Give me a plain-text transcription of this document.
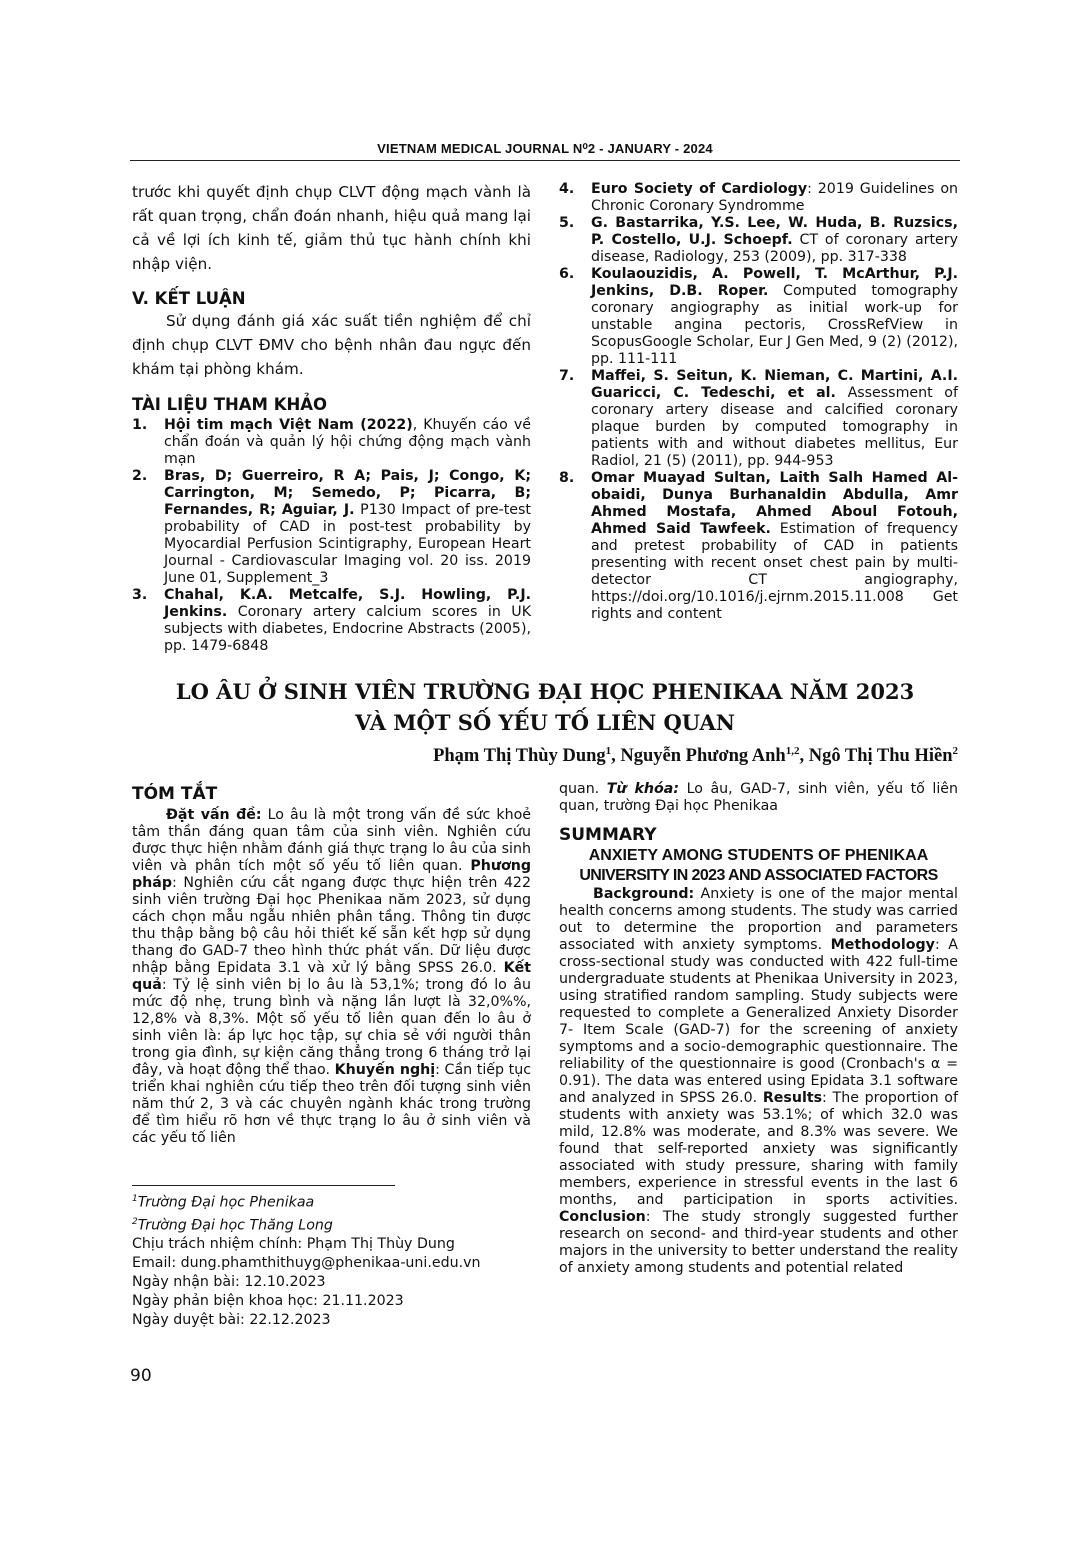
VIETNAM MEDICAL JOURNAL N⁰2 - JANUARY - 2024

trước khi quyết định chụp CLVT động mạch vành là rất quan trọng, chẩn đoán nhanh, hiệu quả mang lại cả về lợi ích kinh tế, giảm thủ tục hành chính khi nhập viện.

V. KẾT LUẬN

Sử dụng đánh giá xác suất tiền nghiệm để chỉ định chụp CLVT ĐMV cho bệnh nhân đau ngực đến khám tại phòng khám.

TÀI LIỆU THAM KHẢO

1.	Hội tim mạch Việt Nam (2022), Khuyến cáo về chẩn đoán và quản lý hội chứng động mạch vành mạn
2.	Bras, D; Guerreiro, R A; Pais, J; Congo, K; Carrington, M; Semedo, P; Picarra, B; Fernandes, R; Aguiar, J. P130 Impact of pre-test probability of CAD in post-test probability by Myocardial Perfusion Scintigraphy, European Heart Journal - Cardiovascular Imaging vol. 20 iss. 2019 June 01, Supplement_3
3.	Chahal, K.A. Metcalfe, S.J. Howling, P.J. Jenkins. Coronary artery calcium scores in UK subjects with diabetes, Endocrine Abstracts (2005), pp. 1479-6848
4.	Euro Society of Cardiology: 2019 Guidelines on Chronic Coronary Syndromme
5.	G. Bastarrika, Y.S. Lee, W. Huda, B. Ruzsics, P. Costello, U.J. Schoepf. CT of coronary artery disease, Radiology, 253 (2009), pp. 317-338
6.	Koulaouzidis, A. Powell, T. McArthur, P.J. Jenkins, D.B. Roper. Computed tomography coronary angiography as initial work-up for unstable angina pectoris, CrossRefView in ScopusGoogle Scholar, Eur J Gen Med, 9 (2) (2012), pp. 111-111
7.	Maffei, S. Seitun, K. Nieman, C. Martini, A.I. Guaricci, C. Tedeschi, et al. Assessment of coronary artery disease and calcified coronary plaque burden by computed tomography in patients with and without diabetes mellitus, Eur Radiol, 21 (5) (2011), pp. 944-953
8.	Omar Muayad Sultan, Laith Salh Hamed Al-obaidi, Dunya Burhanaldin Abdulla, Amr Ahmed Mostafa, Ahmed Aboul Fotouh, Ahmed Said Tawfeek. Estimation of frequency and pretest probability of CAD in patients presenting with recent onset chest pain by multi-detector CT angiography, https://doi.org/10.1016/j.ejrnm.2015.11.008 Get rights and content
LO ÂU Ở SINH VIÊN TRƯỜNG ĐẠI HỌC PHENIKAA NĂM 2023
VÀ MỘT SỐ YẾU TỐ LIÊN QUAN
Phạm Thị Thùy Dung$^1$, Nguyễn Phương Anh$^{1,2}$, Ngô Thị Thu Hiền$^2$

TÓM TẮT

Đặt vấn đề: Lo âu là một trong vấn đề sức khoẻ tâm thần đáng quan tâm của sinh viên. Nghiên cứu được thực hiện nhằm đánh giá thực trạng lo âu của sinh viên và phân tích một số yếu tố liên quan. Phương pháp: Nghiên cứu cắt ngang được thực hiện trên 422 sinh viên trường Đại học Phenikaa năm 2023, sử dụng cách chọn mẫu ngẫu nhiên phân tầng. Thông tin được thu thập bằng bộ câu hỏi thiết kế sẵn kết hợp sử dụng thang đo GAD-7 theo hình thức phát vấn. Dữ liệu được nhập bằng Epidata 3.1 và xử lý bằng SPSS 26.0. Kết quả: Tỷ lệ sinh viên bị lo âu là 53,1%; trong đó lo âu mức độ nhẹ, trung bình và nặng lần lượt là 32,0%%, 12,8% và 8,3%. Một số yếu tố liên quan đến lo âu ở sinh viên là: áp lực học tập, sự chia sẻ với người thân trong gia đình, sự kiện căng thẳng trong 6 tháng trở lại đây, và hoạt động thể thao. Khuyến nghị: Cần tiếp tục triển khai nghiên cứu tiếp theo trên đối tượng sinh viên năm thứ 2, 3 và các chuyên ngành khác trong trường để tìm hiểu rõ hơn về thực trạng lo âu ở sinh viên và các yếu tố liên

$^1$Trường Đại học Phenikaa
$^2$Trường Đại học Thăng Long
Chịu trách nhiệm chính: Phạm Thị Thùy Dung
Email: dung.phamthithuyg@phenikaa-uni.edu.vn
Ngày nhận bài: 12.10.2023
Ngày phản biện khoa học: 21.11.2023
Ngày duyệt bài: 22.12.2023

quan. Từ khóa: Lo âu, GAD-7, sinh viên, yếu tố liên quan, trường Đại học Phenikaa

SUMMARY

ANXIETY AMONG STUDENTS OF PHENIKAA

UNIVERSITY IN 2023 AND ASSOCIATED FACTORS

Background: Anxiety is one of the major mental health concerns among students. The study was carried out to determine the proportion and parameters associated with anxiety symptoms. Methodology: A cross-sectional study was conducted with 422 full-time undergraduate students at Phenikaa University in 2023, using stratified random sampling. Study subjects were requested to complete a Generalized Anxiety Disorder 7- Item Scale (GAD-7) for the screening of anxiety symptoms and a socio-demographic questionnaire. The reliability of the questionnaire is good (Cronbach's α = 0.91). The data was entered using Epidata 3.1 software and analyzed in SPSS 26.0. Results: The proportion of students with anxiety was 53.1%; of which 32.0 was mild, 12.8% was moderate, and 8.3% was severe. We found that self-reported anxiety was significantly associated with study pressure, sharing with family members, experience in stressful events in the last 6 months, and participation in sports activities. Conclusion: The study strongly suggested further research on second- and third-year students and other majors in the university to better understand the reality of anxiety among students and potential related

90
